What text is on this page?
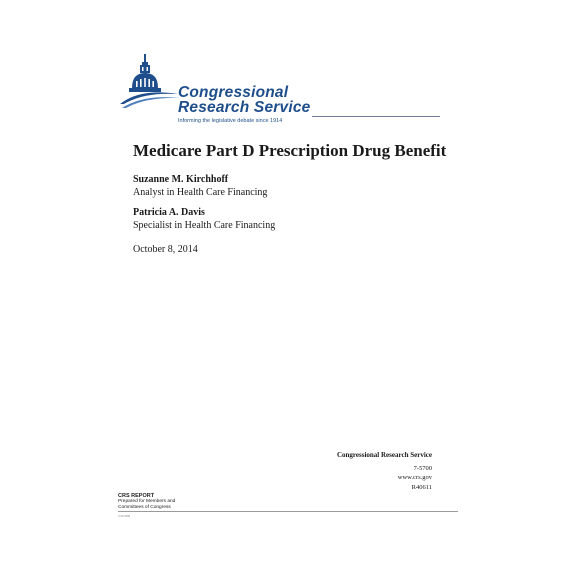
Congressional
Research Service
Informing the legislative debate since 1914
Medicare Part D Prescription Drug Benefit
Suzanne M. Kirchhoff
Analyst in Health Care Financing
Patricia A. Davis
Specialist in Health Care Financing
October 8, 2014
Congressional Research Service
7-5700
www.crs.gov
R40611
CRS REPORT
Prepared for Members and
Committees of Congress
c11173008
